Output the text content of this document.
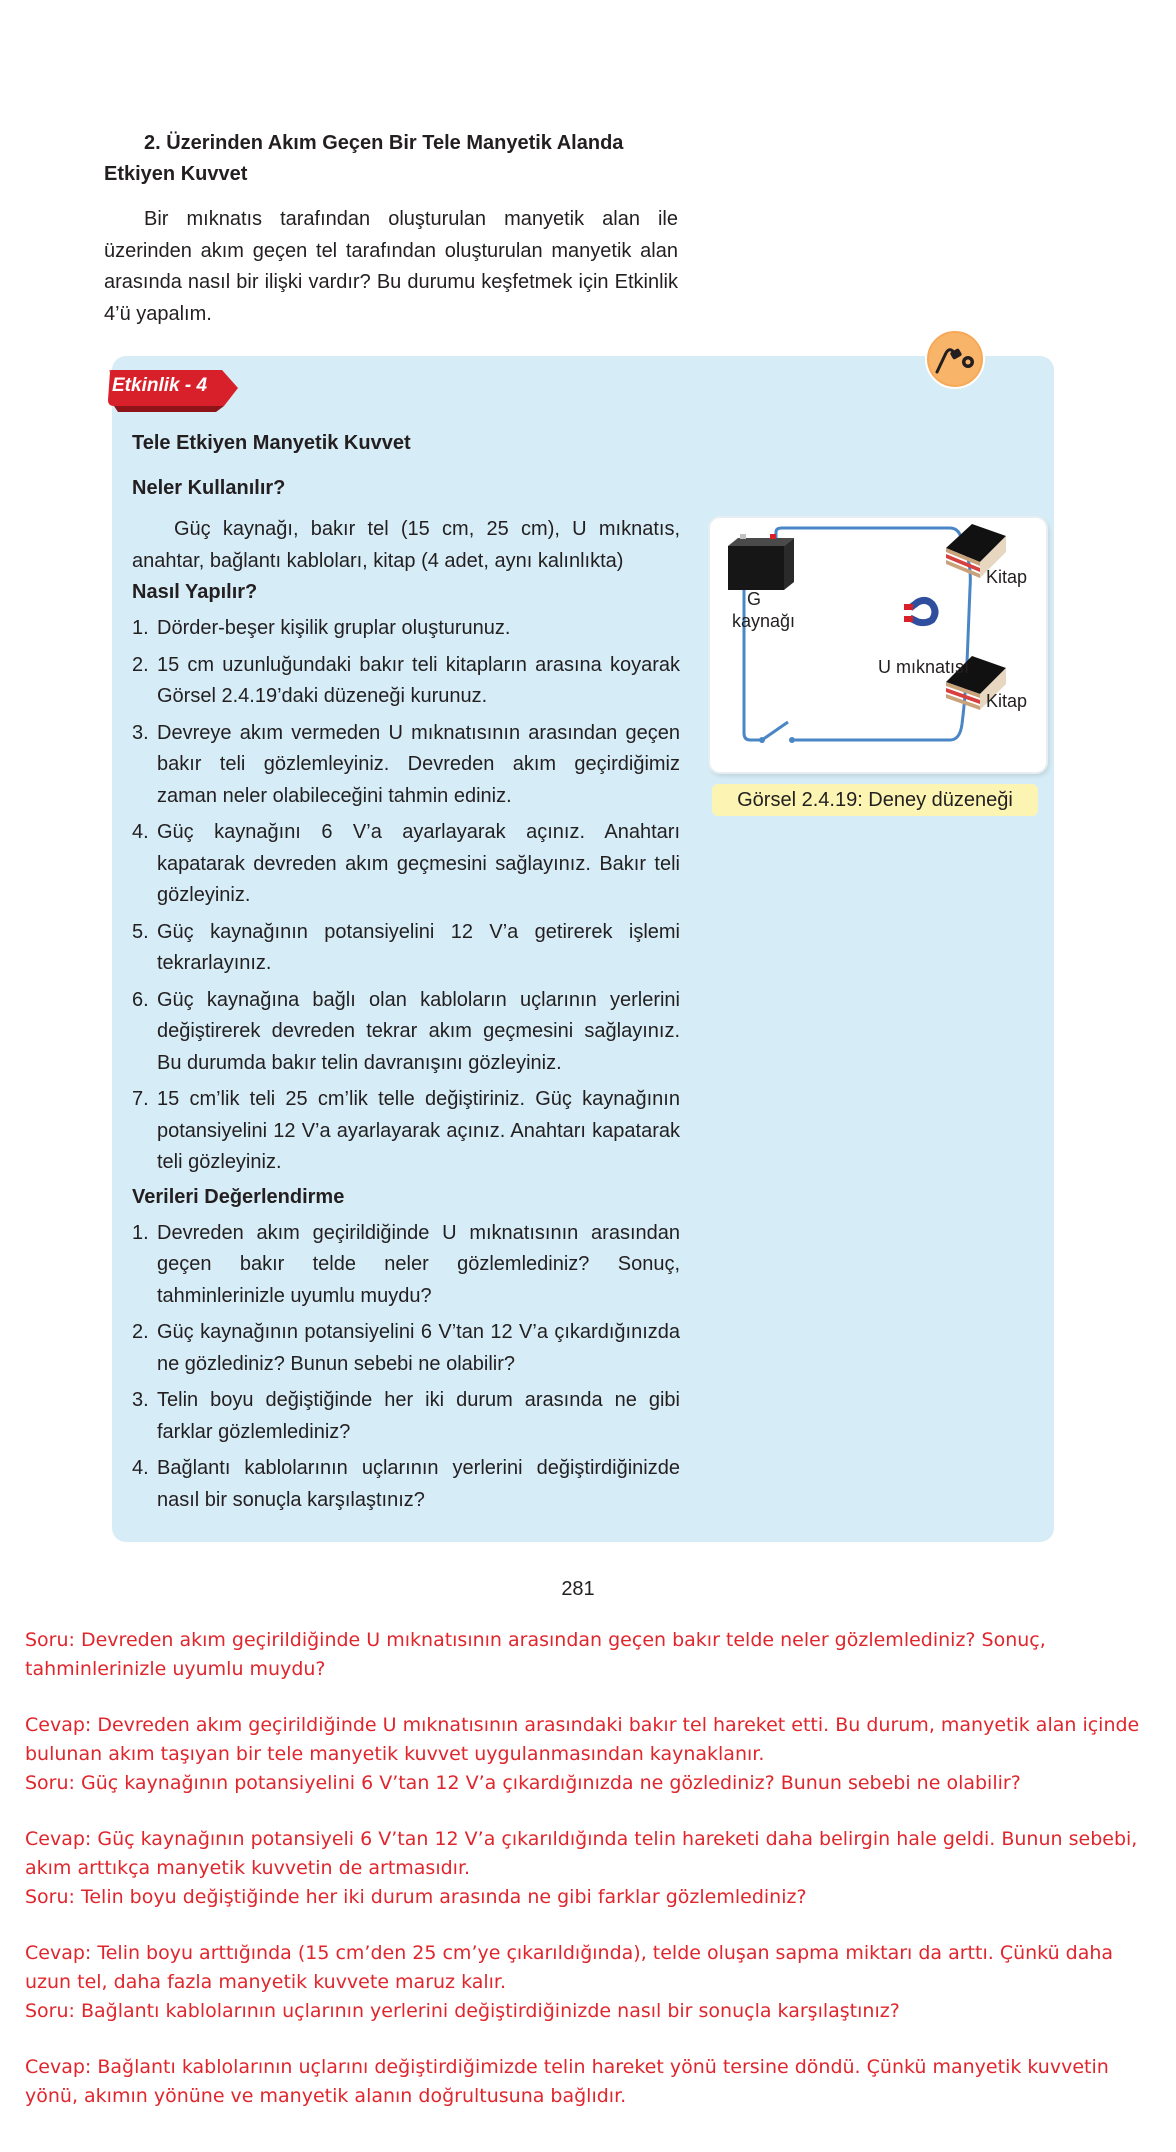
2. Üzerinden Akım Geçen Bir Tele Manyetik Alanda
Etkiyen Kuvvet

Bir mıknatıs tarafından oluşturulan manyetik alan ile üzerinden akım geçen tel tarafından oluşturulan manyetik alan arasında nasıl bir ilişki vardır? Bu durumu keşfetmek için Etkinlik 4’ü yapalım.

Etkinlik - 4
Tele Etkiyen Manyetik Kuvvet
Neler Kullanılır?
Güç kaynağı, bakır tel (15 cm, 25 cm), U mıknatıs, anahtar, bağlantı kabloları, kitap (4 adet, aynı kalınlıkta)
Nasıl Yapılır?
1. Dörder-beşer kişilik gruplar oluşturunuz.
2. 15 cm uzunluğundaki bakır teli kitapların arasına koyarak Görsel 2.4.19’daki düzeneği kurunuz.
3. Devreye akım vermeden U mıknatısının arasından geçen bakır teli gözlemleyiniz. Devreden akım geçirdiğimiz zaman neler olabileceğini tahmin ediniz.
4. Güç kaynağını 6 V’a ayarlayarak açınız. Anahtarı kapatarak devreden akım geçmesini sağlayınız. Bakır teli gözleyiniz.
5. Güç kaynağının potansiyelini 12 V’a getirerek işlemi tekrarlayınız.
6. Güç kaynağına bağlı olan kabloların uçlarının yerlerini değiştirerek devreden tekrar akım geçmesini sağlayınız. Bu durumda bakır telin davranışını gözleyiniz.
7. 15 cm’lik teli 25 cm’lik telle değiştiriniz. Güç kaynağının potansiyelini 12 V’a ayarlayarak açınız. Anahtarı kapatarak teli gözleyiniz.
Verileri Değerlendirme
1. Devreden akım geçirildiğinde U mıknatısının arasından geçen bakır telde neler gözlemlediniz? Sonuç, tahminlerinizle uyumlu muydu?
2. Güç kaynağının potansiyelini 6 V’tan 12 V’a çıkardığınızda ne gözlediniz? Bunun sebebi ne olabilir?
3. Telin boyu değiştiğinde her iki durum arasında ne gibi farklar gözlemlediniz?
4. Bağlantı kablolarının uçlarının yerlerini değiştirdiğinizde nasıl bir sonuçla karşılaştınız?
G
kaynağı
U mıknatısı
Kitap
Kitap
Görsel 2.4.19: Deney düzeneği
281

Soru: Devreden akım geçirildiğinde U mıknatısının arasından geçen bakır telde neler gözlemlediniz? Sonuç, tahminlerinizle uyumlu muydu?

Cevap: Devreden akım geçirildiğinde U mıknatısının arasındaki bakır tel hareket etti. Bu durum, manyetik alan içinde bulunan akım taşıyan bir tele manyetik kuvvet uygulanmasından kaynaklanır.

Soru: Güç kaynağının potansiyelini 6 V’tan 12 V’a çıkardığınızda ne gözlediniz? Bunun sebebi ne olabilir?

Cevap: Güç kaynağının potansiyeli 6 V’tan 12 V’a çıkarıldığında telin hareketi daha belirgin hale geldi. Bunun sebebi, akım arttıkça manyetik kuvvetin de artmasıdır.

Soru: Telin boyu değiştiğinde her iki durum arasında ne gibi farklar gözlemlediniz?

Cevap: Telin boyu arttığında (15 cm’den 25 cm’ye çıkarıldığında), telde oluşan sapma miktarı da arttı. Çünkü daha uzun tel, daha fazla manyetik kuvvete maruz kalır.

Soru: Bağlantı kablolarının uçlarının yerlerini değiştirdiğinizde nasıl bir sonuçla karşılaştınız?

Cevap: Bağlantı kablolarının uçlarını değiştirdiğimizde telin hareket yönü tersine döndü. Çünkü manyetik kuvvetin yönü, akımın yönüne ve manyetik alanın doğrultusuna bağlıdır.
